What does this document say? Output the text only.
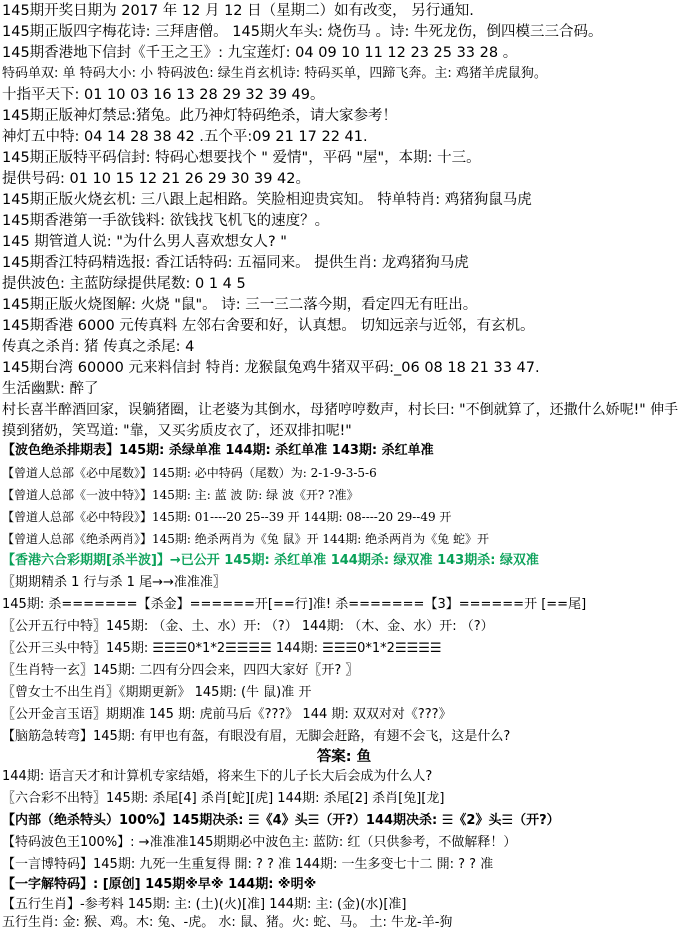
145期开奖日期为 2017 年 12 月 12 日（星期二）如有改变， 另行通知.
145期正版四字梅花诗: 三拜唐僧。 145期火车头: 烧伤马 。诗: 牛死龙伤，倒四模三三合码。
145期香港地下信封《千王之王》: 九宝莲灯: 04 09 10 11 12 23 25 33 28 。
特码单双: 单 特码大小: 小 特码波色: 绿生肖玄机诗: 特码买单，四蹄飞奔。主: 鸡猪羊虎鼠狗。
十指平天下: 01 10 03 16 13 28 29 32 39 49。
145期正版神灯禁忌:猪兔。此乃神灯特码绝杀，请大家参考！
神灯五中特: 04 14 28 38 42 .五个平:09 21 17 22 41.
145期正版特平码信封: 特码心想要找个 " 爱情"，平码 "屋"，本期: 十三。
提供号码: 01 10 15 12 21 26 29 30 39 42。
145期正版火烧玄机: 三八跟上起相路。笑脸相迎贵宾知。 特单特肖: 鸡猪狗鼠马虎
145期香港第一手欲钱料: 欲钱找飞机飞的速度？。
145 期管道人说: "为什么男人喜欢想女人? "
145期香江特码精选报: 香江话特码: 五福同来。 提供生肖: 龙鸡猪狗马虎
提供波色: 主蓝防绿提供尾数: 0 1 4 5
145期正版火烧图解: 火烧 "鼠"。 诗: 三一三二落今期，看定四无有旺出。
145期香港 6000 元传真料 左邻右舍要和好，认真想。 切知远亲与近邻，有玄机。
传真之杀肖: 猪 传真之杀尾: 4
145期台湾 60000 元来料信封 特肖: 龙猴鼠兔鸡牛猪双平码:_06 08 18 21 33 47.
生活幽默: 醉了
村长喜半醉酒回家，误躺猪圈，让老婆为其倒水，母猪哼哼数声，村长曰: "不倒就算了，还撒什么娇呢!" 伸手摸到猪奶，笑骂道: "靠，又买劣质皮衣了，还双排扣呢!"
【波色绝杀排期表】145期: 杀绿单准 144期: 杀红单准 143期: 杀红单准
【曾道人总部《必中尾数》】145期: 必中特码（尾数）为: 2-1-9-3-5-6
【曾道人总部《一波中特》】145期: 主: 蓝 波 防: 绿 波《开? ?准》
【曾道人总部《必中特段》】145期: 01----20 25--39 开 144期: 08----20 29--49 开
【曾道人总部《绝杀两肖》】145期: 绝杀两肖为《兔 鼠》开 144期: 绝杀两肖为《兔 蛇》开
【香港六合彩期期[杀半波]】→已公开 145期: 杀红单准 144期杀: 绿双准 143期杀: 绿双准
〖期期精杀 1 行与杀 1 尾→→准准准〗
145期: 杀=======【杀金】======开[==行]准! 杀=======【3】======开 [==尾]
〖公开五行中特〗145期: （金、土、水）开: （?） 144期: （木、金、水）开: （?）
〖公开三头中特〗145期: ☰☰☰0*1*2☰☰☰☰ 144期: ☰☰☰0*1*2☰☰☰☰
〖生肖特一玄〗145期: 二四有分四会来，四四大家好〖开? 〗
〖曾女士不出生肖〗《期期更新》 145期: (牛 鼠)准 开
〖公开金言玉语〗期期准 145 期: 虎前马后《???》 144 期: 双双对对《???》
【脑筋急转弯】145期: 有甲也有盔，有眼没有眉，无脚会赶路，有翅不会飞，这是什么?
答案: 鱼
144期: 语言天才和计算机专家结婚，将来生下的儿子长大后会成为什么人?
〖六合彩不出特〗145期: 杀尾[4] 杀肖[蛇][虎] 144期: 杀尾[2] 杀肖[兔][龙]
【内部（绝杀特头）100%】145期决杀: ☰《4》头☰（开?）144期决杀: ☰《2》头☰（开?）
【特码波色王100%】: →准准准145期期必中波色主: 蓝防: 红（只供参考，不做解释！）
【一言博特码】145期: 九死一生重复得 開: ? ? 准 144期: 一生多变七十二 開: ? ? 准
【一字解特码】: [原创] 145期※早※ 144期: ※明※
【五行生肖】-参考料 145期: 主: (土)(火)[准] 144期: 主: (金)(水)[准]
五行生肖: 金: 猴、鸡。木: 兔、-虎。 水: 鼠、猪。火: 蛇、马。 土: 牛龙-羊-狗
